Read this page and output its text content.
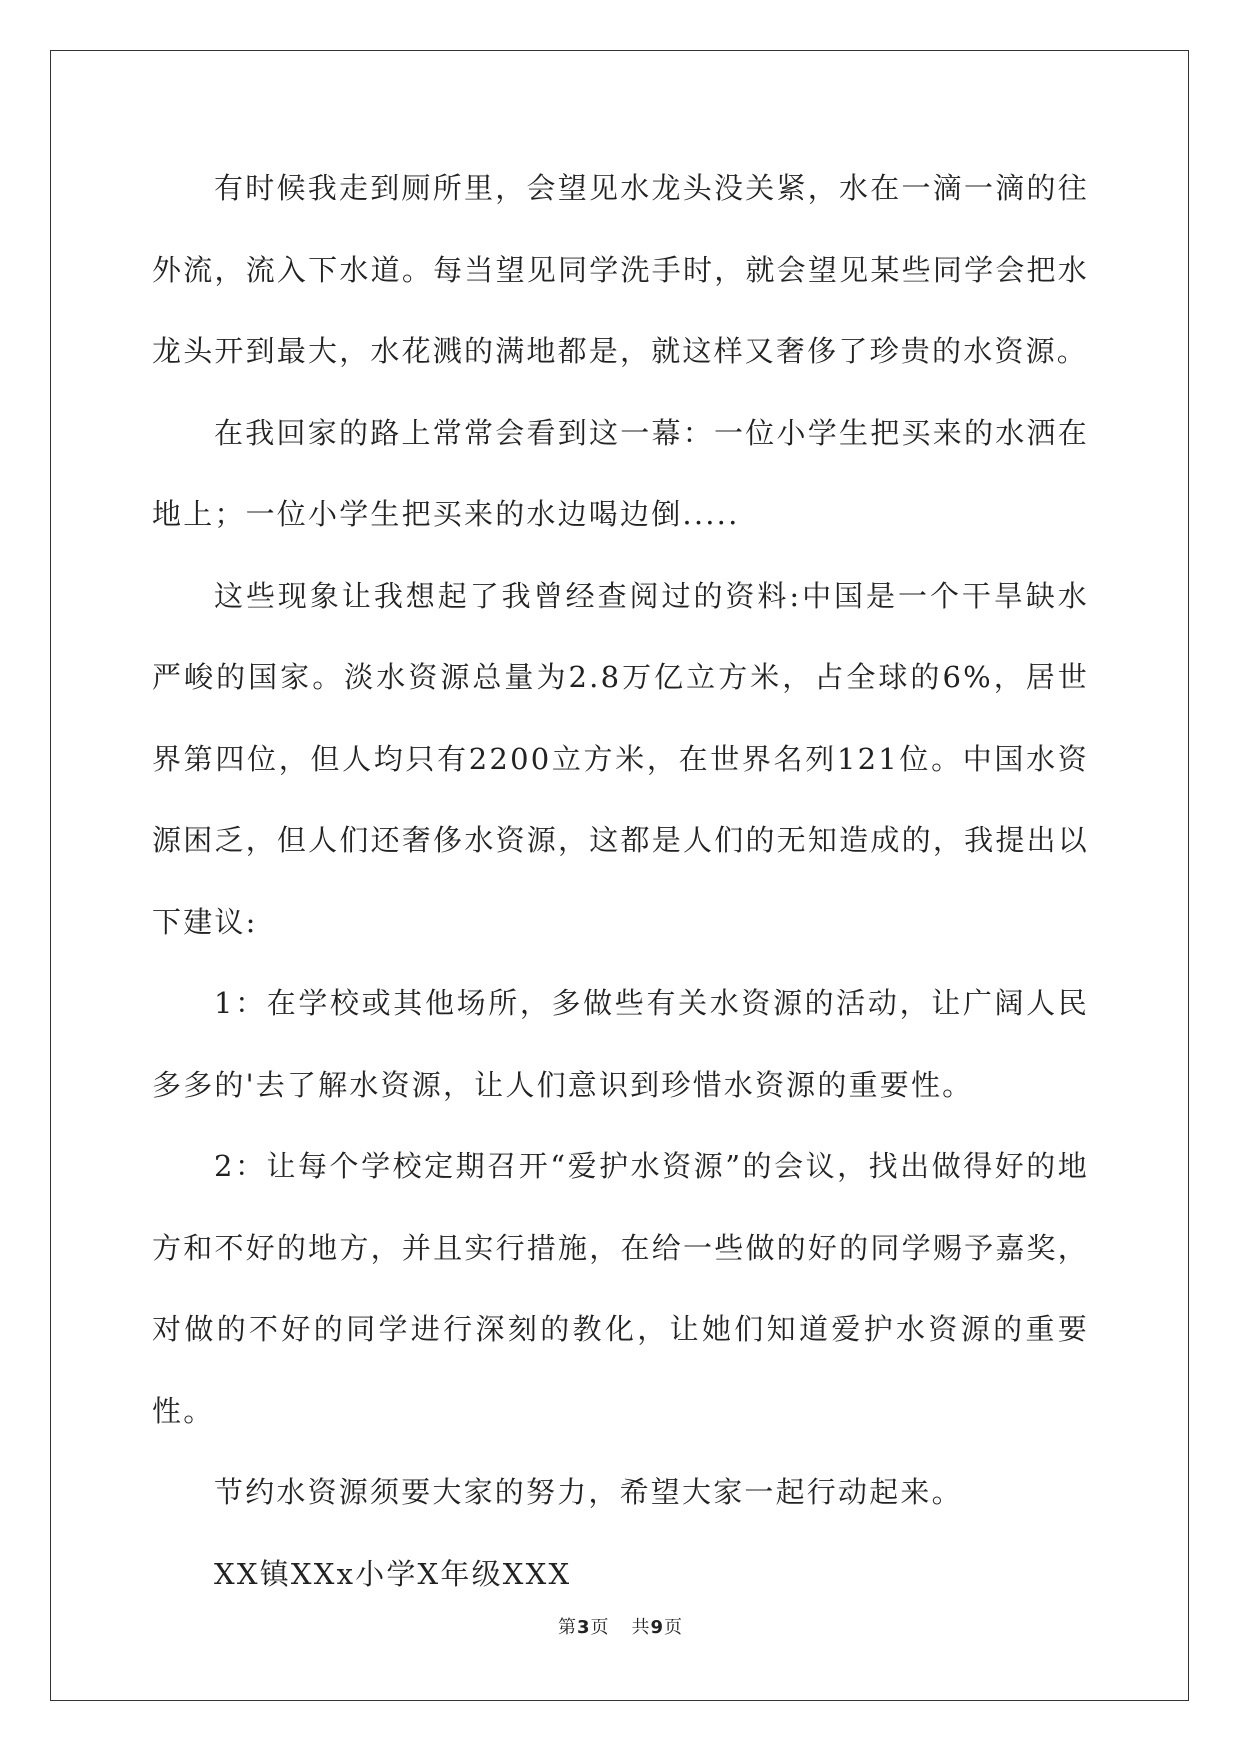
有时候我走到厕所里，会望见水龙头没关紧，水在一滴一滴的往外流，流入下水道。每当望见同学洗手时，就会望见某些同学会把水龙头开到最大，水花溅的满地都是，就这样又奢侈了珍贵的水资源。

在我回家的路上常常会看到这一幕：一位小学生把买来的水洒在地上；一位小学生把买来的水边喝边倒.....

这些现象让我想起了我曾经查阅过的资料:中国是一个干旱缺水严峻的国家。淡水资源总量为2.8万亿立方米，占全球的6%，居世界第四位，但人均只有2200立方米，在世界名列121位。中国水资源困乏，但人们还奢侈水资源，这都是人们的无知造成的，我提出以下建议:

1：在学校或其他场所，多做些有关水资源的活动，让广阔人民多多的'去了解水资源，让人们意识到珍惜水资源的重要性。

2：让每个学校定期召开“爱护水资源”的会议，找出做得好的地方和不好的地方，并且实行措施，在给一些做的好的同学赐予嘉奖，对做的不好的同学进行深刻的教化，让她们知道爱护水资源的重要性。

节约水资源须要大家的努力，希望大家一起行动起来。

XX镇XXx小学X年级XXX

第3页 共9页
